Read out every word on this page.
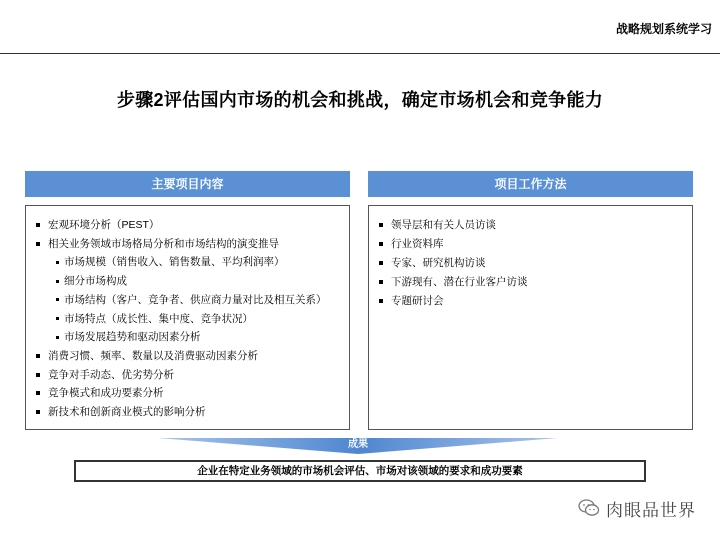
战略规划系统学习
步骤2评估国内市场的机会和挑战，确定市场机会和竞争能力
主要项目内容	项目工作方法
宏观环境分析（PEST）
相关业务领域市场格局分析和市场结构的演变推导
市场规模（销售收入、销售数量、平均利润率）
细分市场构成
市场结构（客户、竞争者、供应商力量对比及相互关系）
市场特点（成长性、集中度、竞争状况）
市场发展趋势和驱动因素分析
消费习惯、频率、数量以及消费驱动因素分析
竞争对手动态、优劣势分析
竞争模式和成功要素分析
新技术和创新商业模式的影响分析
领导层和有关人员访谈
行业资料库
专家、研究机构访谈
下游现有、潜在行业客户访谈
专题研讨会
成果
企业在特定业务领域的市场机会评估、市场对该领域的要求和成功要素
肉眼品世界
